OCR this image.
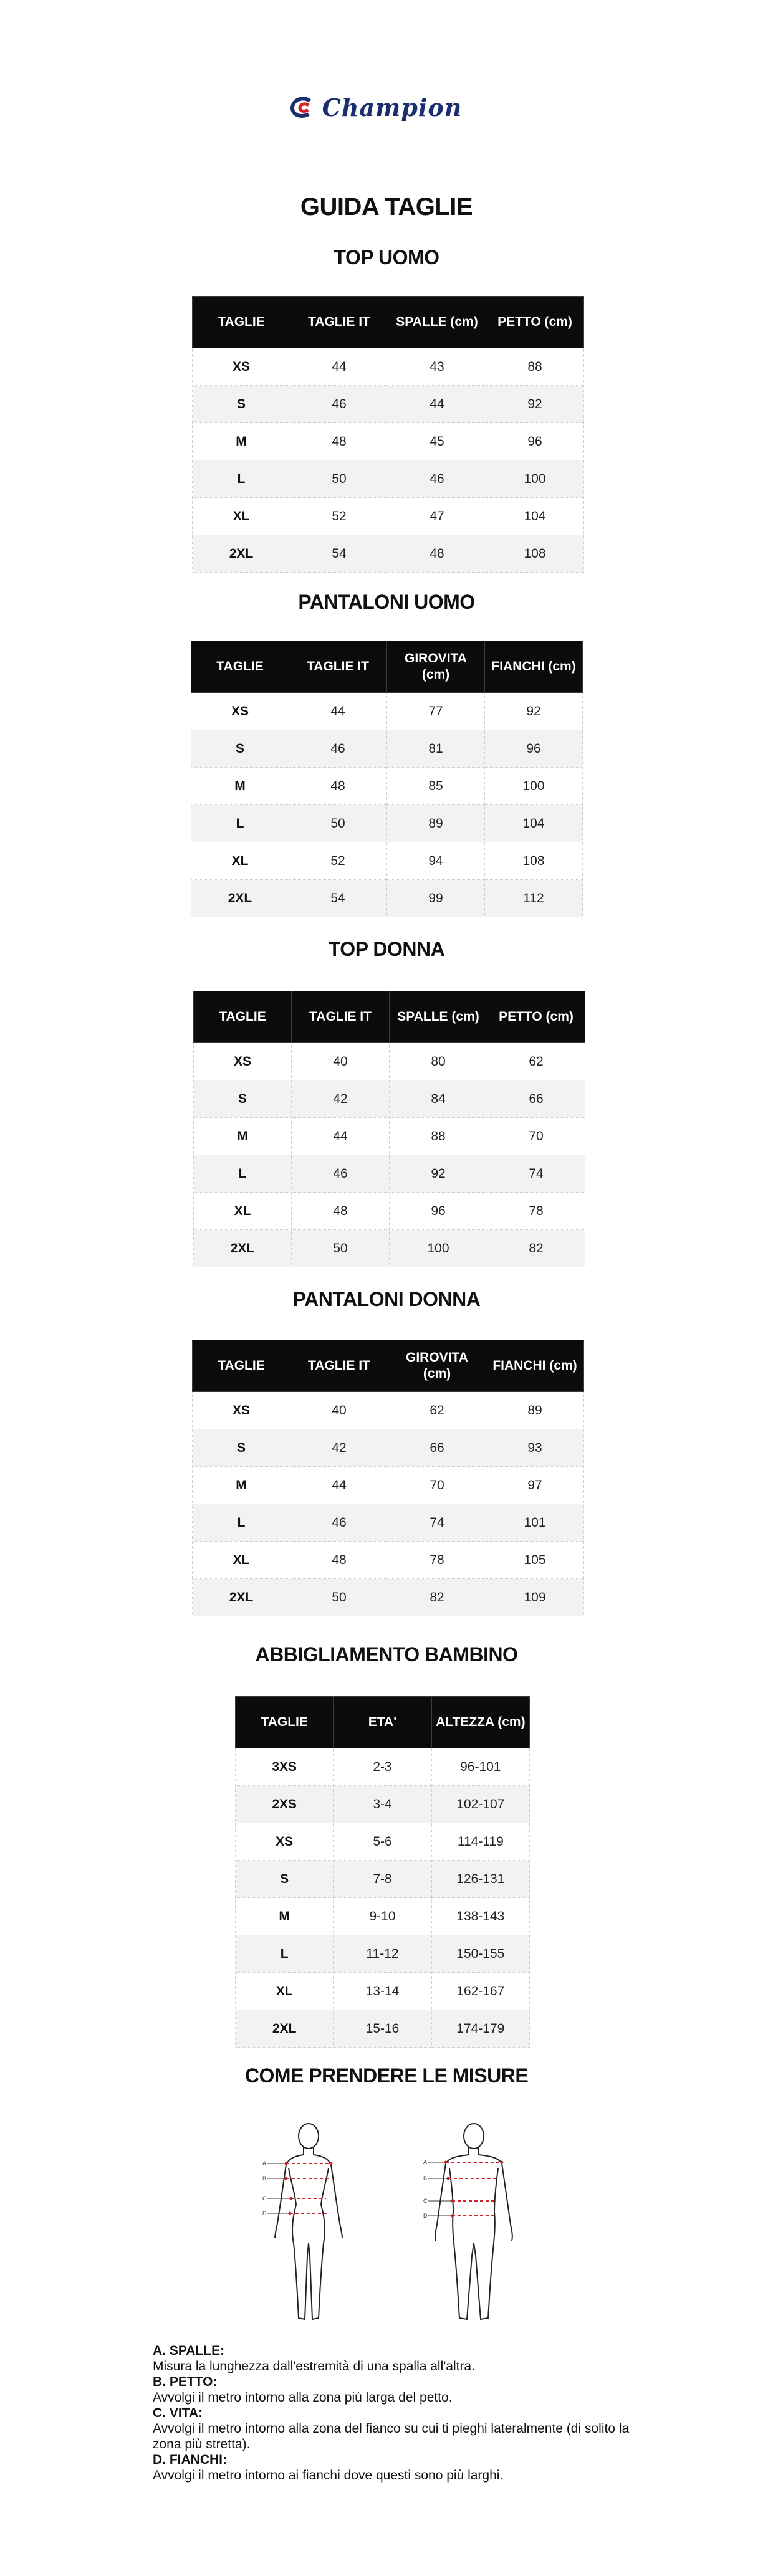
Champion
GUIDA TAGLIE
TOP UOMO
TAGLIE	TAGLIE IT	SPALLE (cm)	PETTO (cm)
XS	44	43	88
S	46	44	92
M	48	45	96
L	50	46	100
XL	52	47	104
2XL	54	48	108
PANTALONI UOMO
TAGLIE	TAGLIE IT	GIROVITA (cm)	FIANCHI (cm)
XS	44	77	92
S	46	81	96
M	48	85	100
L	50	89	104
XL	52	94	108
2XL	54	99	112
TOP DONNA
TAGLIE	TAGLIE IT	SPALLE (cm)	PETTO (cm)
XS	40	80	62
S	42	84	66
M	44	88	70
L	46	92	74
XL	48	96	78
2XL	50	100	82
PANTALONI DONNA
TAGLIE	TAGLIE IT	GIROVITA (cm)	FIANCHI (cm)
XS	40	62	89
S	42	66	93
M	44	70	97
L	46	74	101
XL	48	78	105
2XL	50	82	109
ABBIGLIAMENTO BAMBINO
TAGLIE	ETA'	ALTEZZA (cm)
3XS	2-3	96-101
2XS	3-4	102-107
XS	5-6	114-119
S	7-8	126-131
M	9-10	138-143
L	11-12	150-155
XL	13-14	162-167
2XL	15-16	174-179
COME PRENDERE LE MISURE
A
B
C
D
A
B
C
D
A. SPALLE:
Misura la lunghezza dall'estremità di una spalla all'altra.
B. PETTO:
Avvolgi il metro intorno alla zona più larga del petto.
C. VITA:
Avvolgi il metro intorno alla zona del fianco su cui ti pieghi lateralmente (di solito la zona più stretta).
D. FIANCHI:
Avvolgi il metro intorno ai fianchi dove questi sono più larghi.
